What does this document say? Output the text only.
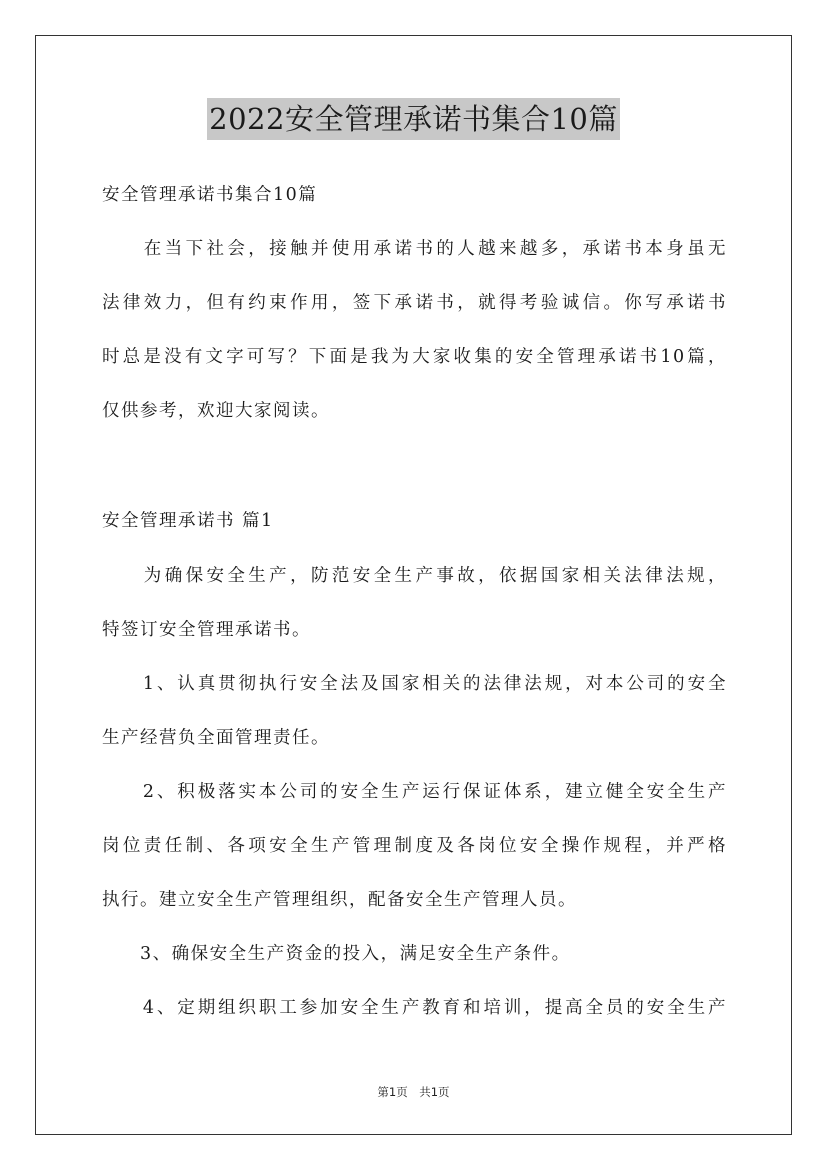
2022安全管理承诺书集合10篇
安全管理承诺书集合10篇
　　在当下社会，接触并使用承诺书的人越来越多，承诺书本身虽无
法律效力，但有约束作用，签下承诺书，就得考验诚信。你写承诺书
时总是没有文字可写？下面是我为大家收集的安全管理承诺书10篇，
仅供参考，欢迎大家阅读。
安全管理承诺书 篇1
　　为确保安全生产，防范安全生产事故，依据国家相关法律法规，
特签订安全管理承诺书。
　　1、认真贯彻执行安全法及国家相关的法律法规，对本公司的安全
生产经营负全面管理责任。
　　2、积极落实本公司的安全生产运行保证体系，建立健全安全生产
岗位责任制、各项安全生产管理制度及各岗位安全操作规程，并严格
执行。建立安全生产管理组织，配备安全生产管理人员。
　　3、确保安全生产资金的投入，满足安全生产条件。
　　4、定期组织职工参加安全生产教育和培训，提高全员的安全生产
第1页　共1页
